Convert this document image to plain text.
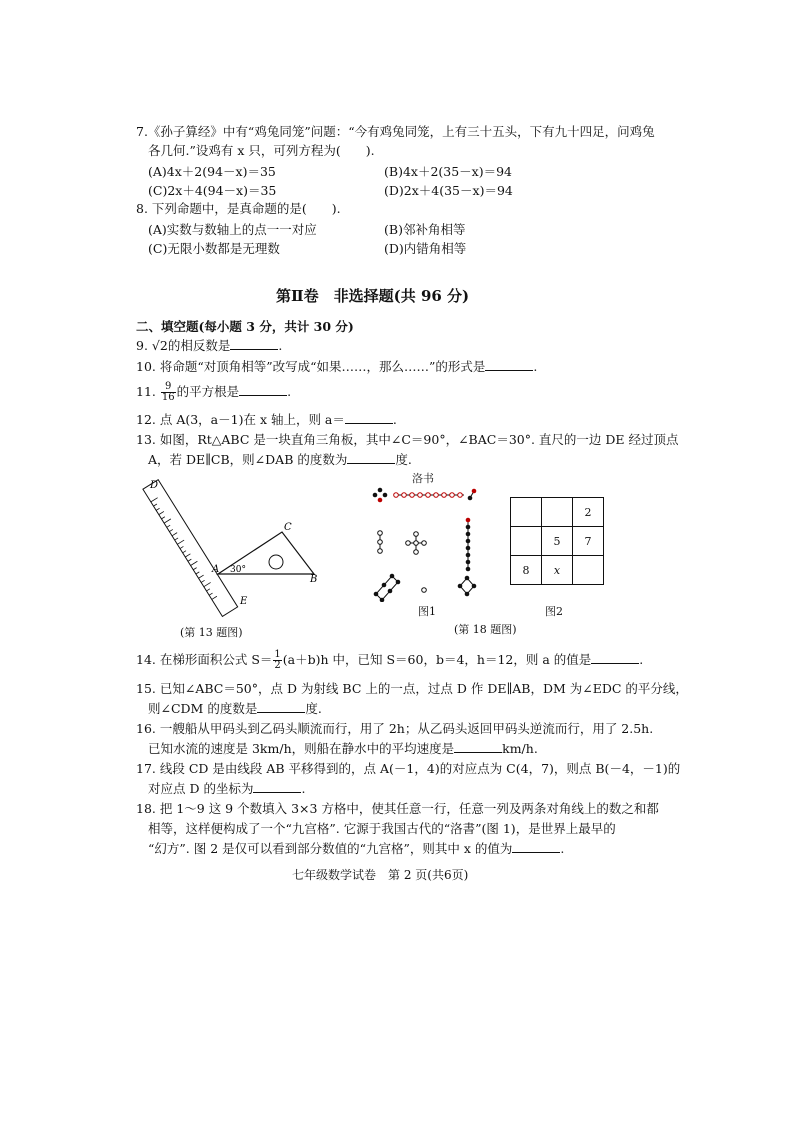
7.《孙子算经》中有“鸡兔同笼”问题：“今有鸡兔同笼，上有三十五头，下有九十四足，问鸡兔
各几何.”设鸡有 x 只，可列方程为(　　).
(A)4x＋2(94－x)＝35	(B)4x＋2(35－x)＝94
(C)2x＋4(94－x)＝35	(D)2x＋4(35－x)＝94
8. 下列命题中，是真命题的是(　　).
(A)实数与数轴上的点一一对应	(B)邻补角相等
(C)无限小数都是无理数	(D)内错角相等
第Ⅱ卷　非选择题(共 96 分)
二、填空题(每小题 3 分，共计 30 分)
9. √2的相反数是	.
10. 将命题“对顶角相等”改写成“如果……，那么……”的形式是	.
11. $\frac{9}{16}$ 的平方根是	.
12. 点 A(3，a－1)在 x 轴上，则 a＝	.
13. 如图，Rt△ABC 是一块直角三角板，其中∠C＝90°，∠BAC＝30°. 直尺的一边 DE 经过顶点
A，若 DE∥CB，则∠DAB 的度数为	度.
D
E
A
B
C
30°
(第 13 题图)
洛书
图1
		2
	5	7
8	x	
图2
(第 18 题图)
14. 在梯形面积公式 $S= \frac{1}{2} (a+b)h$ 中，已知 S＝60，b＝4，h＝12，则 a 的值是	.
15. 已知∠ABC＝50°，点 D 为射线 BC 上的一点，过点 D 作 DE∥AB，DM 为∠EDC 的平分线，
则∠CDM 的度数是	度.
16. 一艘船从甲码头到乙码头顺流而行，用了 2h；从乙码头返回甲码头逆流而行，用了 2.5h.
已知水流的速度是 3km/h，则船在静水中的平均速度是	km/h.
17. 线段 CD 是由线段 AB 平移得到的，点 A(－1，4)的对应点为 C(4，7)，则点 B(－4，－1)的
对应点 D 的坐标为	.
18. 把 1～9 这 9 个数填入 3×3 方格中，使其任意一行，任意一列及两条对角线上的数之和都
相等，这样便构成了一个“九宫格”. 它源于我国古代的“洛書”(图 1)，是世界上最早的
“幻方”. 图 2 是仅可以看到部分数值的“九宫格”，则其中 x 的值为	.
七年级数学试卷　第 2 页(共6页)
